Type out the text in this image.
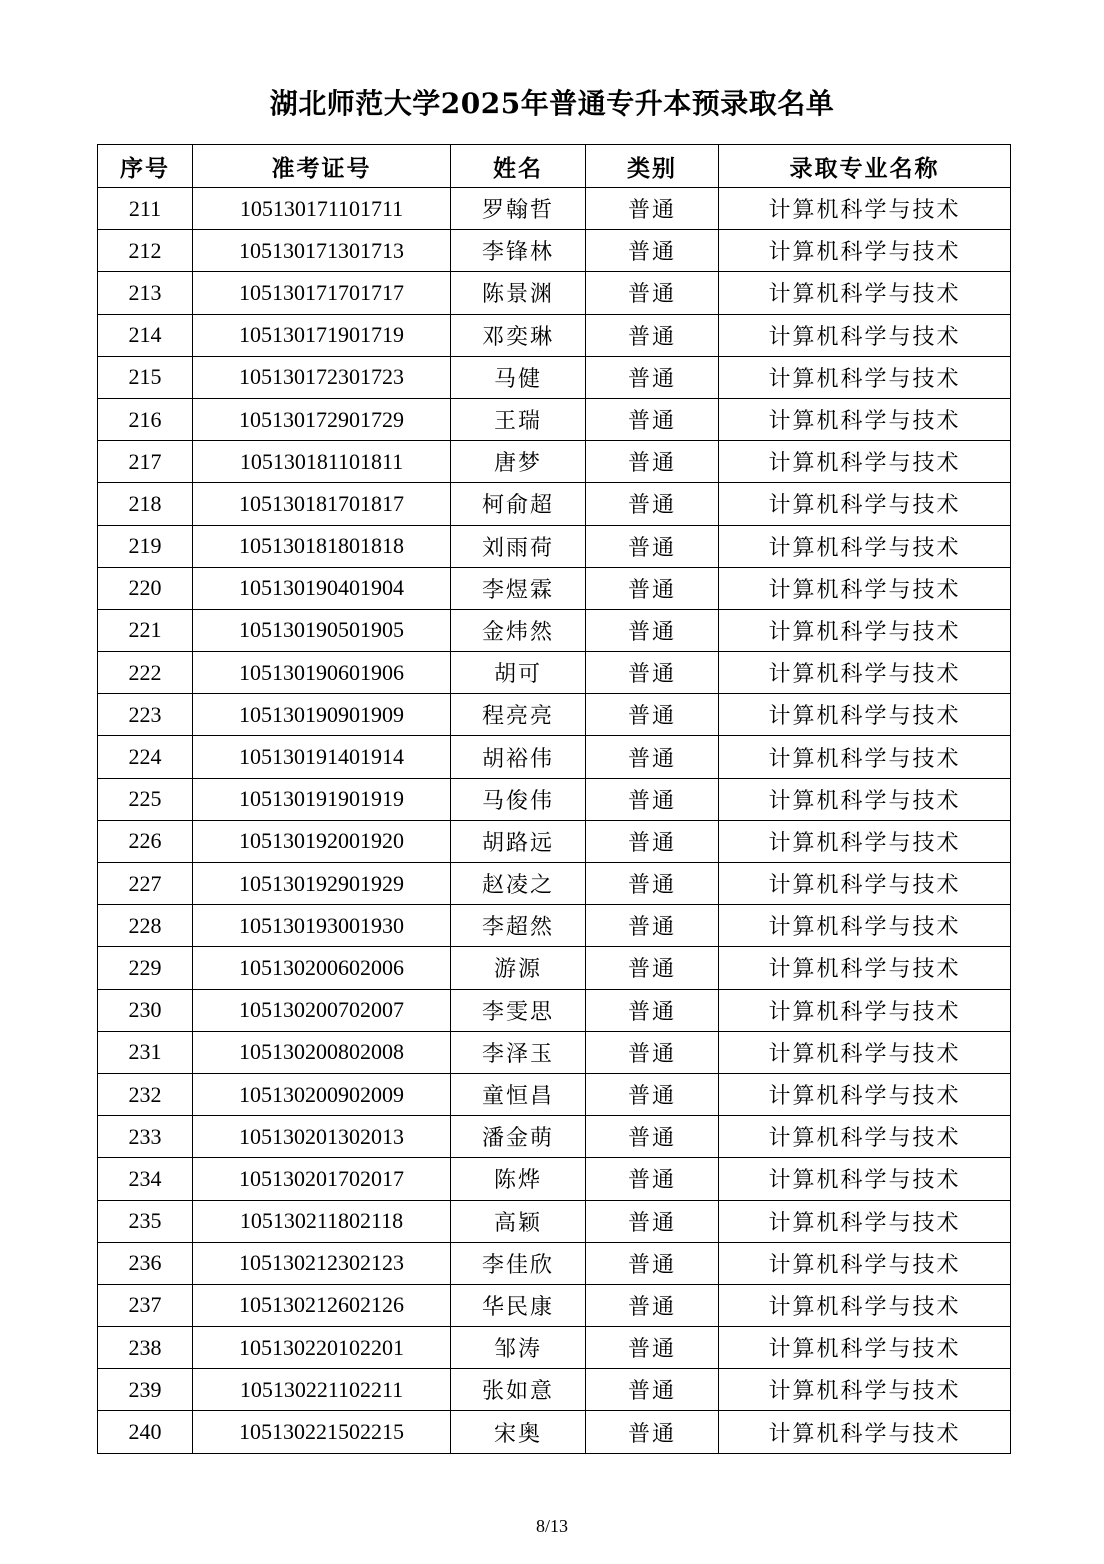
湖北师范大学2025年普通专升本预录取名单
序号	准考证号	姓名	类别	录取专业名称
211	105130171101711	罗翰哲	普通	计算机科学与技术
212	105130171301713	李锋林	普通	计算机科学与技术
213	105130171701717	陈景渊	普通	计算机科学与技术
214	105130171901719	邓奕琳	普通	计算机科学与技术
215	105130172301723	马健	普通	计算机科学与技术
216	105130172901729	王瑞	普通	计算机科学与技术
217	105130181101811	唐梦	普通	计算机科学与技术
218	105130181701817	柯俞超	普通	计算机科学与技术
219	105130181801818	刘雨荷	普通	计算机科学与技术
220	105130190401904	李煜霖	普通	计算机科学与技术
221	105130190501905	金炜然	普通	计算机科学与技术
222	105130190601906	胡可	普通	计算机科学与技术
223	105130190901909	程亮亮	普通	计算机科学与技术
224	105130191401914	胡裕伟	普通	计算机科学与技术
225	105130191901919	马俊伟	普通	计算机科学与技术
226	105130192001920	胡路远	普通	计算机科学与技术
227	105130192901929	赵凌之	普通	计算机科学与技术
228	105130193001930	李超然	普通	计算机科学与技术
229	105130200602006	游源	普通	计算机科学与技术
230	105130200702007	李雯思	普通	计算机科学与技术
231	105130200802008	李泽玉	普通	计算机科学与技术
232	105130200902009	童恒昌	普通	计算机科学与技术
233	105130201302013	潘金萌	普通	计算机科学与技术
234	105130201702017	陈烨	普通	计算机科学与技术
235	105130211802118	高颖	普通	计算机科学与技术
236	105130212302123	李佳欣	普通	计算机科学与技术
237	105130212602126	华民康	普通	计算机科学与技术
238	105130220102201	邹涛	普通	计算机科学与技术
239	105130221102211	张如意	普通	计算机科学与技术
240	105130221502215	宋奥	普通	计算机科学与技术
8/13
